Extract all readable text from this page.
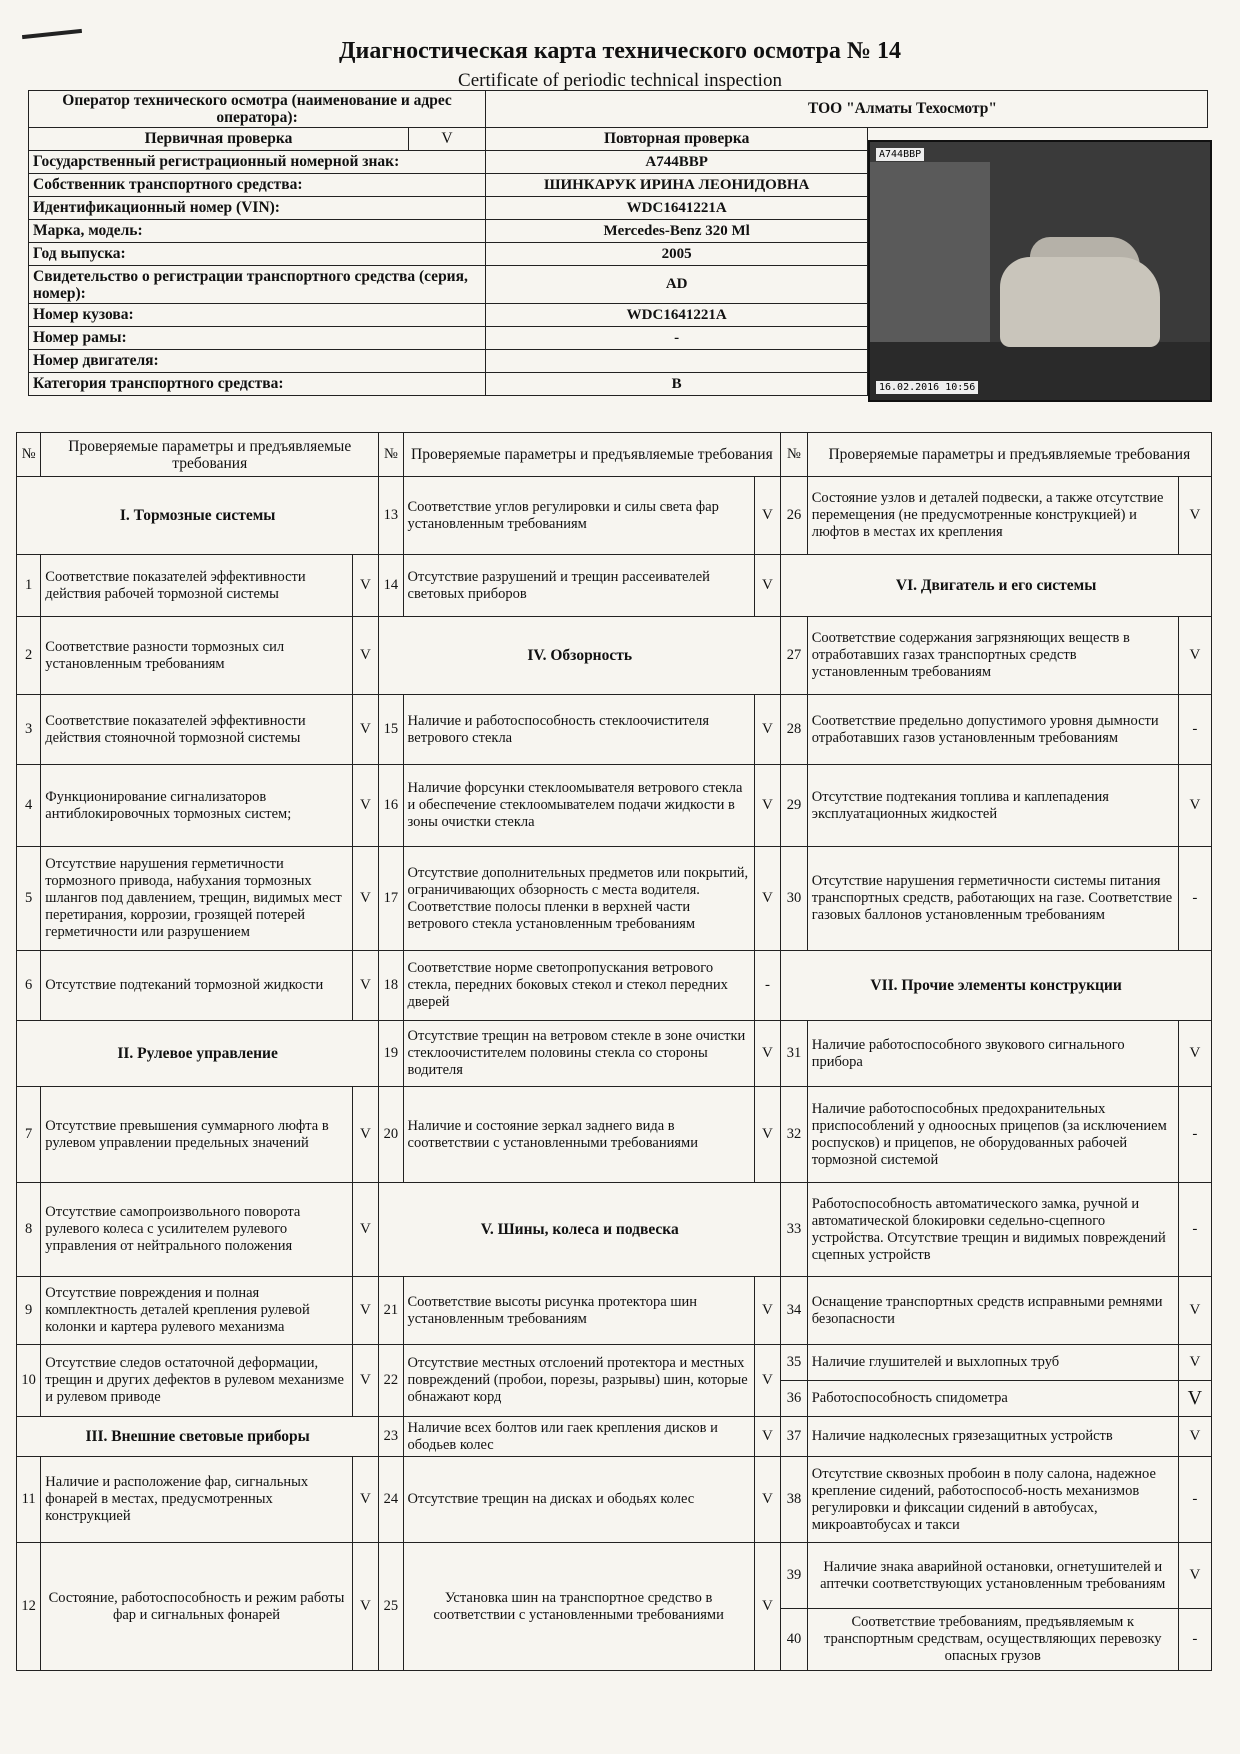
Диагностическая карта технического осмотра № 14
Certificate of periodic technical inspection
Оператор технического осмотра (наименование и адрес оператора):		ТОО "Алматы Техосмотр"	
Первичная проверка	V	Повторная проверка	
Государственный регистрационный номерной знак:		A744BBP	
Собственник транспортного средства:		ШИНКАРУК ИРИНА ЛЕОНИДОВНА	
Идентификационный номер (VIN):		WDC1641221A	
Марка, модель:		Mercedes-Benz 320 Ml	
Год выпуска:		2005	
Свидетельство о регистрации транспортного средства (серия, номер):		AD	
Номер кузова:		WDC1641221A	
Номер рамы:		-	
Номер двигателя:			
Категория транспортного средства:		B	
A744BBP
16.02.2016 10:56
№	Проверяемые параметры и предъявляемые требования		№	Проверяемые параметры и предъявляемые требования		№	Проверяемые параметры и предъявляемые требования	
I. Тормозные системы			13	Соответствие углов регулировки и силы света фар установленным требованиям	V	26	Состояние узлов и деталей подвески, а также отсутствие перемещения (не предусмотренные конструкцией) и люфтов в местах их крепления	V
1	Соответствие показателей эффективности действия рабочей тормозной системы	V	14	Отсутствие разрушений и трещин рассеивателей световых приборов	V	VI. Двигатель и его системы		
2	Соответствие разности тормозных сил установленным требованиям	V	IV. Обзорность			27	Соответствие содержания загрязняющих веществ в отработавших газах транспортных средств установленным требованиям	V
3	Соответствие показателей эффективности действия стояночной тормозной системы	V	15	Наличие и работоспособность стеклоочистителя ветрового стекла	V	28	Соответствие предельно допустимого уровня дымности отработавших газов установленным требованиям	-
4	Функционирование сигнализаторов антиблокировочных тормозных систем;	V	16	Наличие форсунки стеклоомывателя ветрового стекла и обеспечение стеклоомывателем подачи жидкости в зоны очистки стекла	V	29	Отсутствие подтекания топлива и каплепадения эксплуатационных жидкостей	V
5	Отсутствие нарушения герметичности тормозного привода, набухания тормозных шлангов под давлением, трещин, видимых мест перетирания, коррозии, грозящей потерей герметичности или разрушением	V	17	Отсутствие дополнительных предметов или покрытий, ограничивающих обзорность с места водителя. Соответствие полосы пленки в верхней части ветрового стекла установленным требованиям	V	30	Отсутствие нарушения герметичности системы питания транспортных средств, работающих на газе. Соответствие газовых баллонов установленным требованиям	-
6	Отсутствие подтеканий тормозной жидкости	V	18	Соответствие норме светопропускания ветрового стекла, передних боковых стекол и стекол передних дверей	-	VII. Прочие элементы конструкции		
II. Рулевое управление			19	Отсутствие трещин на ветровом стекле в зоне очистки стеклоочистителем половины стекла со стороны водителя	V	31	Наличие работоспособного звукового сигнального прибора	V
7	Отсутствие превышения суммарного люфта в рулевом управлении предельных значений	V	20	Наличие и состояние зеркал заднего вида в соответствии с установленными требованиями	V	32	Наличие работоспособных предохранительных приспособлений у одноосных прицепов (за исключением роспусков) и прицепов, не оборудованных рабочей тормозной системой	-
8	Отсутствие самопроизвольного поворота рулевого колеса с усилителем рулевого управления от нейтрального положения	V	V. Шины, колеса и подвеска			33	Работоспособность автоматического замка, ручной и автоматической блокировки седельно-сцепного устройства. Отсутствие трещин и видимых повреждений сцепных устройств	-
9	Отсутствие повреждения и полная комплектность деталей крепления рулевой колонки и картера рулевого механизма	V	21	Соответствие высоты рисунка протектора шин установленным требованиям	V	34	Оснащение транспортных средств исправными ремнями безопасности	V
10	Отсутствие следов остаточной деформации, трещин и других дефектов в рулевом механизме и рулевом приводе	V	22	Отсутствие местных отслоений протектора и местных повреждений (пробои, порезы, разрывы) шин, которые обнажают корд	V	35	Наличие глушителей и выхлопных труб	V
						36	Работоспособность спидометра	V
III. Внешние световые приборы			23	Наличие всех болтов или гаек крепления дисков и ободьев колес	V	37	Наличие надколесных грязезащитных устройств	V
11	Наличие и расположение фар, сигнальных фонарей в местах, предусмотренных конструкцией	V	24	Отсутствие трещин на дисках и ободьях колес	V	38	Отсутствие сквозных пробоин в полу салона, надежное крепление сидений, работоспособ-ность механизмов регулировки и фиксации сидений в автобусах, микроавтобусах и такси	-
12	Состояние, работоспособность и режим работы фар и сигнальных фонарей	V	25	Установка шин на транспортное средство в соответствии с установленными требованиями	V	39	Наличие знака аварийной остановки, огнетушителей и аптечки соответствующих установленным требованиям	V
						40	Соответствие требованиям, предъявляемым к транспортным средствам, осуществляющих перевозку опасных грузов	-
